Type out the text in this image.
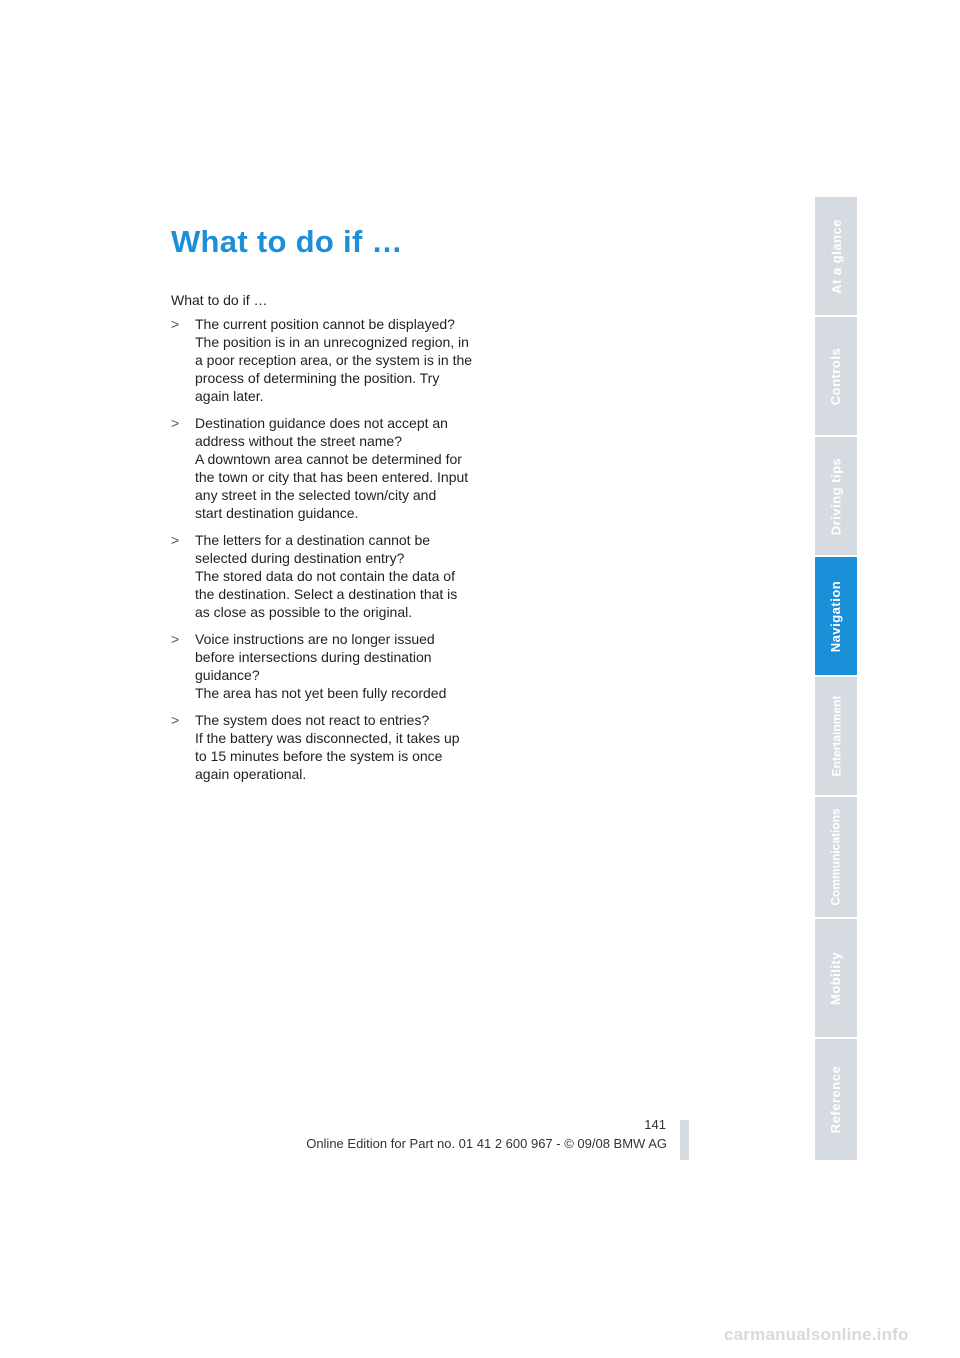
What to do if …

What to do if …

> The current position cannot be displayed?
The position is in an unrecognized region, in
a poor reception area, or the system is in the
process of determining the position. Try
again later.
> Destination guidance does not accept an
address without the street name?
A downtown area cannot be determined for
the town or city that has been entered. Input
any street in the selected town/city and
start destination guidance.
> The letters for a destination cannot be
selected during destination entry?
The stored data do not contain the data of
the destination. Select a destination that is
as close as possible to the original.
> Voice instructions are no longer issued
before intersections during destination
guidance?
The area has not yet been fully recorded
> The system does not react to entries?
If the battery was disconnected, it takes up
to 15 minutes before the system is once
again operational.
At a glance
Controls
Driving tips
Navigation
Entertainment
Communications
Mobility
Reference
141
Online Edition for Part no. 01 41 2 600 967 - © 09/08 BMW AG
carmanualsonline.info
